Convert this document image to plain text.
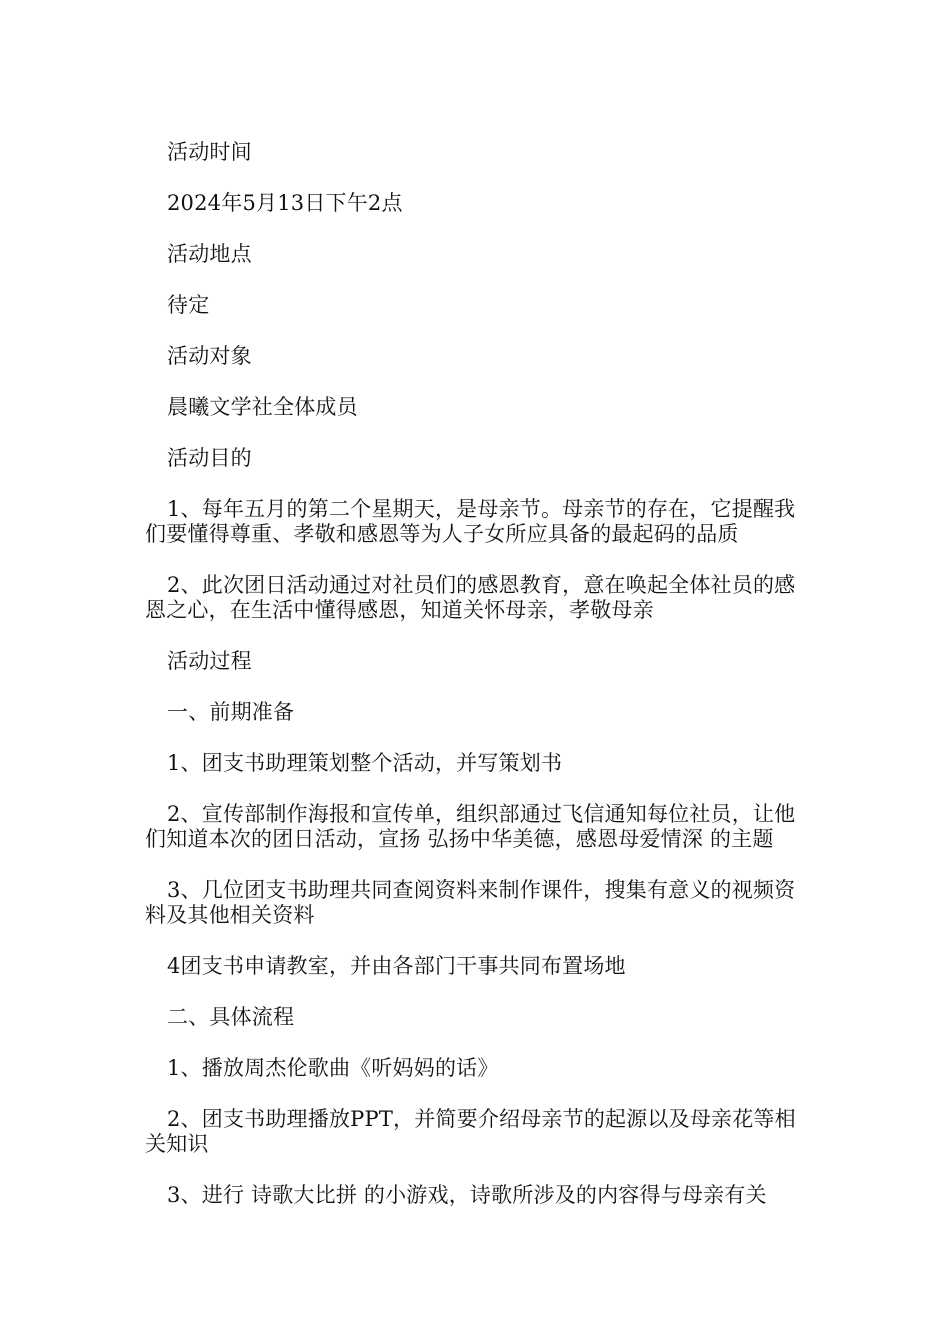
活动时间

2024年5月13日下午2点

活动地点

待定

活动对象

晨曦文学社全体成员

活动目的

1、每年五月的第二个星期天，是母亲节。母亲节的存在，它提醒我们要懂得尊重、孝敬和感恩等为人子女所应具备的最起码的品质

2、此次团日活动通过对社员们的感恩教育，意在唤起全体社员的感恩之心，在生活中懂得感恩，知道关怀母亲，孝敬母亲

活动过程

一、前期准备

1、团支书助理策划整个活动，并写策划书

2、宣传部制作海报和宣传单，组织部通过飞信通知每位社员，让他们知道本次的团日活动，宣扬 弘扬中华美德，感恩母爱情深 的主题

3、几位团支书助理共同查阅资料来制作课件，搜集有意义的视频资料及其他相关资料

4团支书申请教室，并由各部门干事共同布置场地

二、具体流程

1、播放周杰伦歌曲《听妈妈的话》

2、团支书助理播放PPT，并简要介绍母亲节的起源以及母亲花等相关知识

3、进行 诗歌大比拼 的小游戏，诗歌所涉及的内容得与母亲有关
